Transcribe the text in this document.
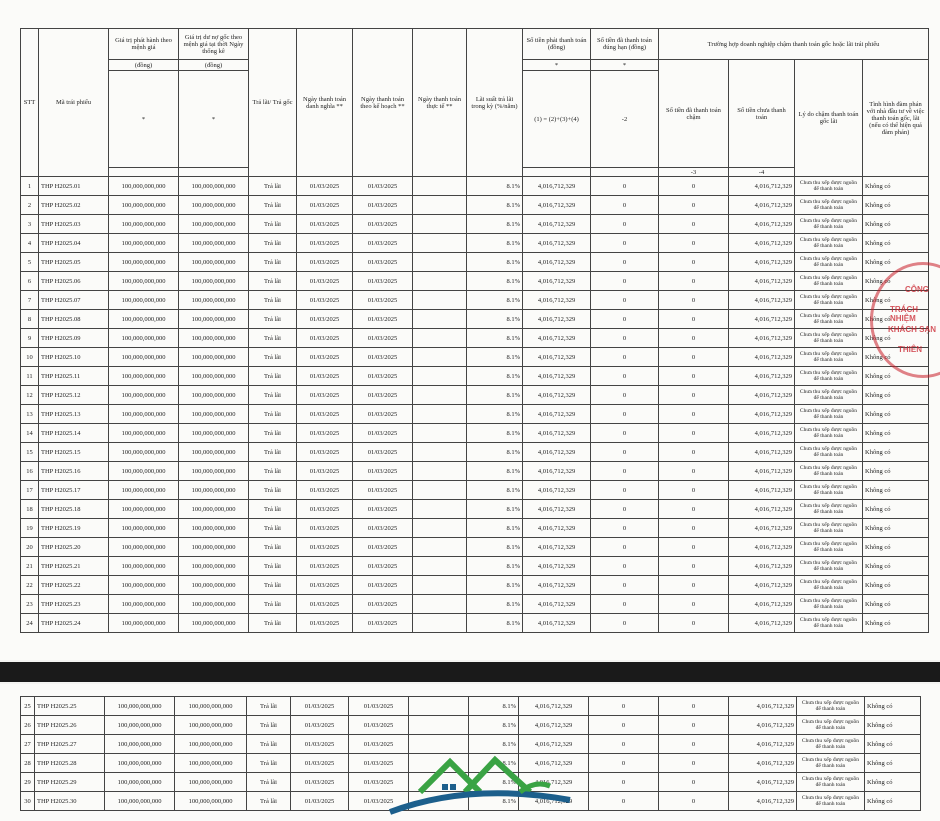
STT	Mã trái phiếu	Giá trị phát hành theo mệnh giá	Giá trị dư nợ gốc theo mệnh giá tại thời Ngày thống kê	Trả lãi/ Trả gốc	Ngày thanh toán danh nghĩa **	Ngày thanh toán theo kế hoạch **	Ngày thanh toán thực tế **	Lãi suất trả lãi trong kỳ (%/năm)	Số tiền phải thanh toán (đồng)	Số tiền đã thanh toán đúng hạn (đồng)	Trường hợp doanh nghiệp chậm thanh toán gốc hoặc lãi trái phiếu			
		(đồng)	(đồng)						*	*	Số tiền đã thanh toán chậm	Số tiền chưa thanh toán	Lý do chậm thanh toán gốc lãi	Tình hình đàm phán với nhà đầu tư về việc thanh toán gốc, lãi (nếu có thể hiện quá đàm phán)
		*	*						(1) = (2)+(3)+(4)	-2				
											-3	-4		
1	THP H2025.01	100,000,000,000	100,000,000,000	Trả lãi	01/03/2025	01/03/2025		8.1%	4,016,712,329	0	0	4,016,712,329	Chưa thu xếp được nguồn để thanh toán	Không có
2	THP H2025.02	100,000,000,000	100,000,000,000	Trả lãi	01/03/2025	01/03/2025		8.1%	4,016,712,329	0	0	4,016,712,329	Chưa thu xếp được nguồn để thanh toán	Không có
3	THP H2025.03	100,000,000,000	100,000,000,000	Trả lãi	01/03/2025	01/03/2025		8.1%	4,016,712,329	0	0	4,016,712,329	Chưa thu xếp được nguồn để thanh toán	Không có
4	THP H2025.04	100,000,000,000	100,000,000,000	Trả lãi	01/03/2025	01/03/2025		8.1%	4,016,712,329	0	0	4,016,712,329	Chưa thu xếp được nguồn để thanh toán	Không có
5	THP H2025.05	100,000,000,000	100,000,000,000	Trả lãi	01/03/2025	01/03/2025		8.1%	4,016,712,329	0	0	4,016,712,329	Chưa thu xếp được nguồn để thanh toán	Không có
6	THP H2025.06	100,000,000,000	100,000,000,000	Trả lãi	01/03/2025	01/03/2025		8.1%	4,016,712,329	0	0	4,016,712,329	Chưa thu xếp được nguồn để thanh toán	Không có
7	THP H2025.07	100,000,000,000	100,000,000,000	Trả lãi	01/03/2025	01/03/2025		8.1%	4,016,712,329	0	0	4,016,712,329	Chưa thu xếp được nguồn để thanh toán	Không có
8	THP H2025.08	100,000,000,000	100,000,000,000	Trả lãi	01/03/2025	01/03/2025		8.1%	4,016,712,329	0	0	4,016,712,329	Chưa thu xếp được nguồn để thanh toán	Không có
9	THP H2025.09	100,000,000,000	100,000,000,000	Trả lãi	01/03/2025	01/03/2025		8.1%	4,016,712,329	0	0	4,016,712,329	Chưa thu xếp được nguồn để thanh toán	Không có
10	THP H2025.10	100,000,000,000	100,000,000,000	Trả lãi	01/03/2025	01/03/2025		8.1%	4,016,712,329	0	0	4,016,712,329	Chưa thu xếp được nguồn để thanh toán	Không có
11	THP H2025.11	100,000,000,000	100,000,000,000	Trả lãi	01/03/2025	01/03/2025		8.1%	4,016,712,329	0	0	4,016,712,329	Chưa thu xếp được nguồn để thanh toán	Không có
12	THP H2025.12	100,000,000,000	100,000,000,000	Trả lãi	01/03/2025	01/03/2025		8.1%	4,016,712,329	0	0	4,016,712,329	Chưa thu xếp được nguồn để thanh toán	Không có
13	THP H2025.13	100,000,000,000	100,000,000,000	Trả lãi	01/03/2025	01/03/2025		8.1%	4,016,712,329	0	0	4,016,712,329	Chưa thu xếp được nguồn để thanh toán	Không có
14	THP H2025.14	100,000,000,000	100,000,000,000	Trả lãi	01/03/2025	01/03/2025		8.1%	4,016,712,329	0	0	4,016,712,329	Chưa thu xếp được nguồn để thanh toán	Không có
15	THP H2025.15	100,000,000,000	100,000,000,000	Trả lãi	01/03/2025	01/03/2025		8.1%	4,016,712,329	0	0	4,016,712,329	Chưa thu xếp được nguồn để thanh toán	Không có
16	THP H2025.16	100,000,000,000	100,000,000,000	Trả lãi	01/03/2025	01/03/2025		8.1%	4,016,712,329	0	0	4,016,712,329	Chưa thu xếp được nguồn để thanh toán	Không có
17	THP H2025.17	100,000,000,000	100,000,000,000	Trả lãi	01/03/2025	01/03/2025		8.1%	4,016,712,329	0	0	4,016,712,329	Chưa thu xếp được nguồn để thanh toán	Không có
18	THP H2025.18	100,000,000,000	100,000,000,000	Trả lãi	01/03/2025	01/03/2025		8.1%	4,016,712,329	0	0	4,016,712,329	Chưa thu xếp được nguồn để thanh toán	Không có
19	THP H2025.19	100,000,000,000	100,000,000,000	Trả lãi	01/03/2025	01/03/2025		8.1%	4,016,712,329	0	0	4,016,712,329	Chưa thu xếp được nguồn để thanh toán	Không có
20	THP H2025.20	100,000,000,000	100,000,000,000	Trả lãi	01/03/2025	01/03/2025		8.1%	4,016,712,329	0	0	4,016,712,329	Chưa thu xếp được nguồn để thanh toán	Không có
21	THP H2025.21	100,000,000,000	100,000,000,000	Trả lãi	01/03/2025	01/03/2025		8.1%	4,016,712,329	0	0	4,016,712,329	Chưa thu xếp được nguồn để thanh toán	Không có
22	THP H2025.22	100,000,000,000	100,000,000,000	Trả lãi	01/03/2025	01/03/2025		8.1%	4,016,712,329	0	0	4,016,712,329	Chưa thu xếp được nguồn để thanh toán	Không có
23	THP H2025.23	100,000,000,000	100,000,000,000	Trả lãi	01/03/2025	01/03/2025		8.1%	4,016,712,329	0	0	4,016,712,329	Chưa thu xếp được nguồn để thanh toán	Không có
24	THP H2025.24	100,000,000,000	100,000,000,000	Trả lãi	01/03/2025	01/03/2025		8.1%	4,016,712,329	0	0	4,016,712,329	Chưa thu xếp được nguồn để thanh toán	Không có
CÔNG
TRÁCH NHIỆM
KHÁCH SẠN
THIÊN
25	THP H2025.25	100,000,000,000	100,000,000,000	Trả lãi	01/03/2025	01/03/2025		8.1%	4,016,712,329	0	0	4,016,712,329	Chưa thu xếp được nguồn để thanh toán	Không có
26	THP H2025.26	100,000,000,000	100,000,000,000	Trả lãi	01/03/2025	01/03/2025		8.1%	4,016,712,329	0	0	4,016,712,329	Chưa thu xếp được nguồn để thanh toán	Không có
27	THP H2025.27	100,000,000,000	100,000,000,000	Trả lãi	01/03/2025	01/03/2025		8.1%	4,016,712,329	0	0	4,016,712,329	Chưa thu xếp được nguồn để thanh toán	Không có
28	THP H2025.28	100,000,000,000	100,000,000,000	Trả lãi	01/03/2025	01/03/2025		8.1%	4,016,712,329	0	0	4,016,712,329	Chưa thu xếp được nguồn để thanh toán	Không có
29	THP H2025.29	100,000,000,000	100,000,000,000	Trả lãi	01/03/2025	01/03/2025		8.1%	4,016,712,329	0	0	4,016,712,329	Chưa thu xếp được nguồn để thanh toán	Không có
30	THP H2025.30	100,000,000,000	100,000,000,000	Trả lãi	01/03/2025	01/03/2025		8.1%	4,016,712,329	0	0	4,016,712,329	Chưa thu xếp được nguồn để thanh toán	Không có
